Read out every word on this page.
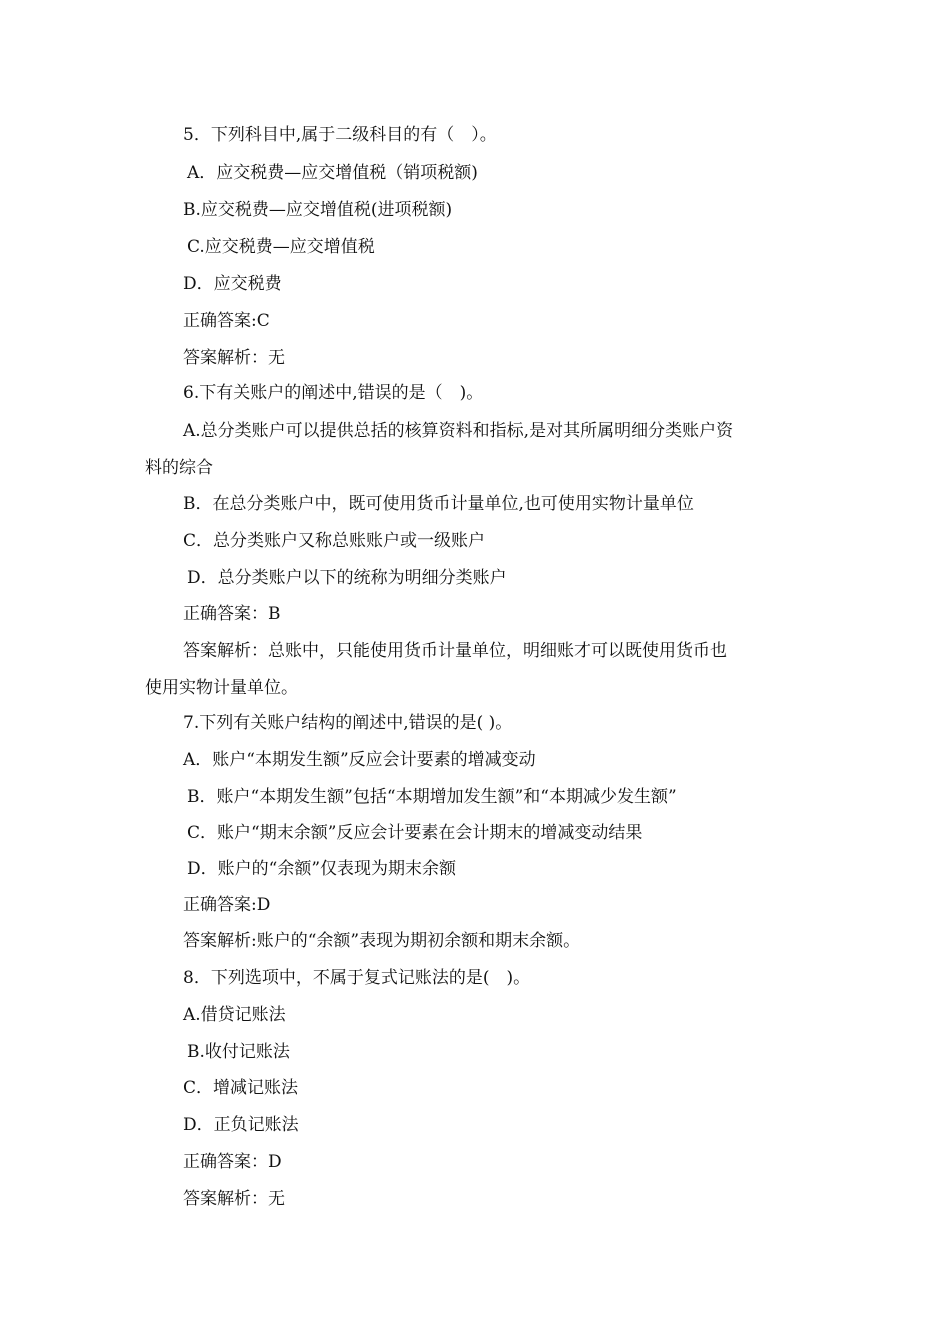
5．下列科目中,属于二级科目的有（　）。
A．应交税费—应交增值税（销项税额)
B.应交税费—应交增值税(进项税额)
C.应交税费—应交增值税
D．应交税费
正确答案:C
答案解析：无
6.下有关账户的阐述中,错误的是（　)。
A.总分类账户可以提供总括的核算资料和指标,是对其所属明细分类账户资
料的综合
B．在总分类账户中，既可使用货币计量单位,也可使用实物计量单位
C．总分类账户又称总账账户或一级账户
D．总分类账户以下的统称为明细分类账户
正确答案：B
答案解析：总账中，只能使用货币计量单位，明细账才可以既使用货币也
使用实物计量单位。
7.下列有关账户结构的阐述中,错误的是( )。
A．账户“本期发生额”反应会计要素的增减变动
B．账户“本期发生额”包括“本期增加发生额”和“本期减少发生额”
C．账户“期末余额”反应会计要素在会计期末的增减变动结果
D．账户的“余额”仅表现为期末余额
正确答案:D
答案解析:账户的“余额”表现为期初余额和期末余额。
8．下列选项中，不属于复式记账法的是(　)。
A.借贷记账法
B.收付记账法
C．增减记账法
D．正负记账法
正确答案：D
答案解析：无
